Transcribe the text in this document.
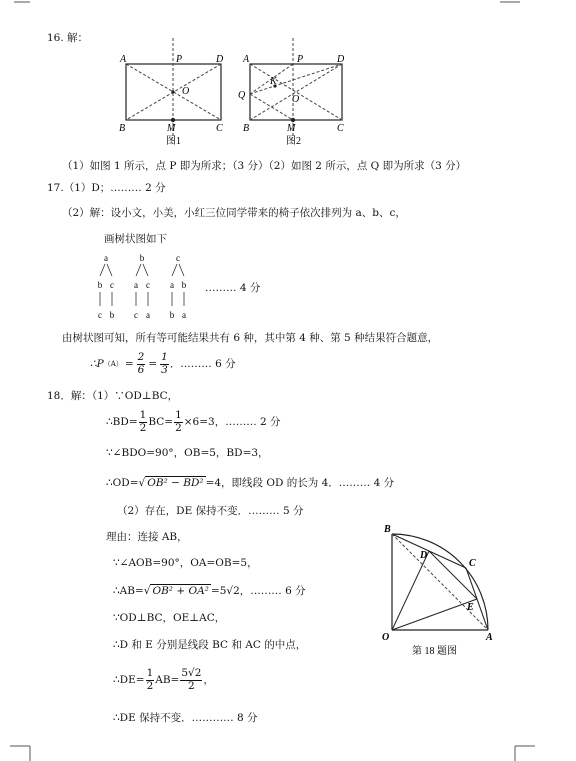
16. 解：
A	P	D
O
B	M	C
图1
A	P	D
Q
K
O
B	M	C
图2
（1）如图 1 所示，点 P 即为所求；（3 分）（2）如图 2 所示，点 Q 即为所求（3 分）
17.（1）D；……… 2 分
（2）解：设小文，小美，小红三位同学带来的椅子依次排列为 a、b、c，
画树状图如下
a	b	c
b c a c a b
c b c a b a
……… 4 分
由树状图可知，所有等可能结果共有 6 种，其中第 4 种、第 5 种结果符合题意，
∴P $(A) = \frac{2}{6} = \frac{1}{3}$ ．……… 6 分
18．解：（1）∵OD⊥BC，
∴BD= $\frac{1}{2} BC= \frac{1}{2} \times 6=3$，……… 2 分
∵∠BDO=90°，OB=5，BD=3，
∴OD=√ OB² − BD² =4，即线段 OD 的长为 4．……… 4 分
（2）存在，DE 保持不变．……… 5 分
理由：连接 AB，
∵∠AOB=90°，OA=OB=5，
∴AB=√ OB² + OA² =5√2，……… 6 分
∵OD⊥BC，OE⊥AC，
∴D 和 E 分别是线段 BC 和 AC 的中点，
∴DE= $\frac{1}{2} AB= \frac{5√2}{2}$ ，
∴DE 保持不变．………… 8 分
B
D
C
E
O	A
第 18 题图
